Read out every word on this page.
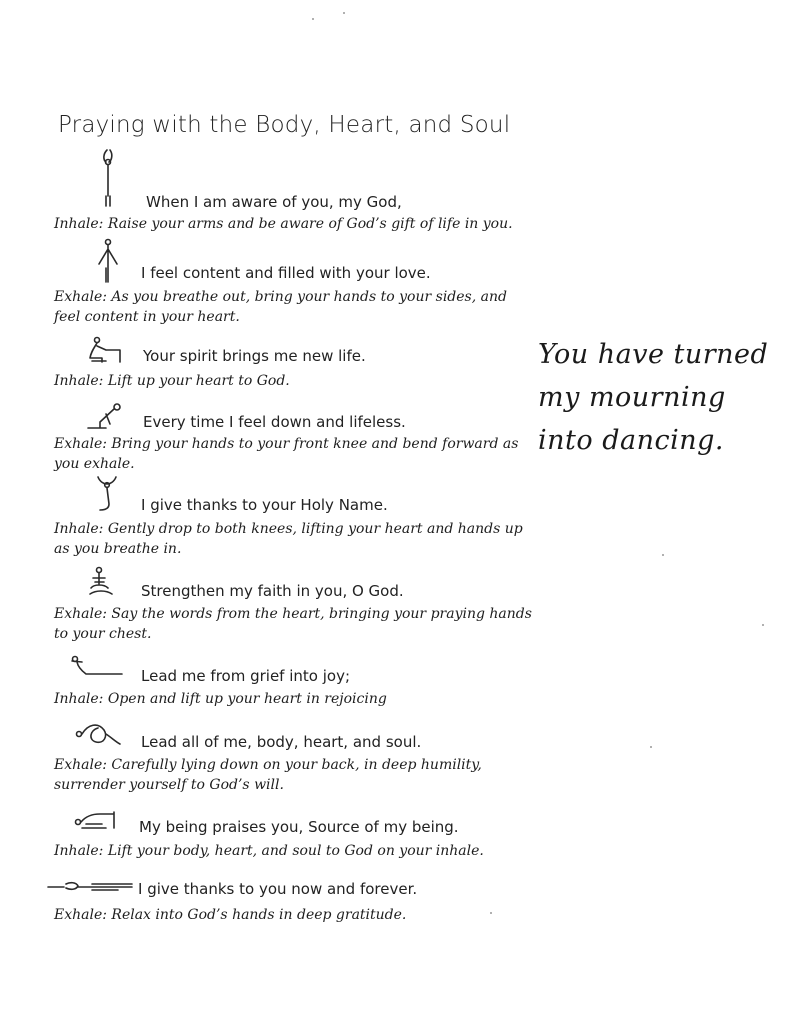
Praying with the Body, Heart, and Soul
When I am aware of you, my God,
Inhale: Raise your arms and be aware of God’s gift of life in you.
I feel content and filled with your love.
Exhale: As you breathe out, bring your hands to your sides, and feel content in your heart.
Your spirit brings me new life.
Inhale: Lift up your heart to God.
Every time I feel down and lifeless.
Exhale: Bring your hands to your front knee and bend forward as you exhale.
I give thanks to your Holy Name.
Inhale: Gently drop to both knees, lifting your heart and hands up as you breathe in.
Strengthen my faith in you, O God.
Exhale: Say the words from the heart, bringing your praying hands to your chest.
Lead me from grief into joy;
Inhale: Open and lift up your heart in rejoicing
Lead all of me, body, heart, and soul.
Exhale: Carefully lying down on your back, in deep humility, surrender yourself to God’s will.
My being praises you, Source of my being.
Inhale: Lift your body, heart, and soul to God on your inhale.
I give thanks to you now and forever.
Exhale: Relax into God’s hands in deep gratitude.
You have turned
my mourning
into dancing.
